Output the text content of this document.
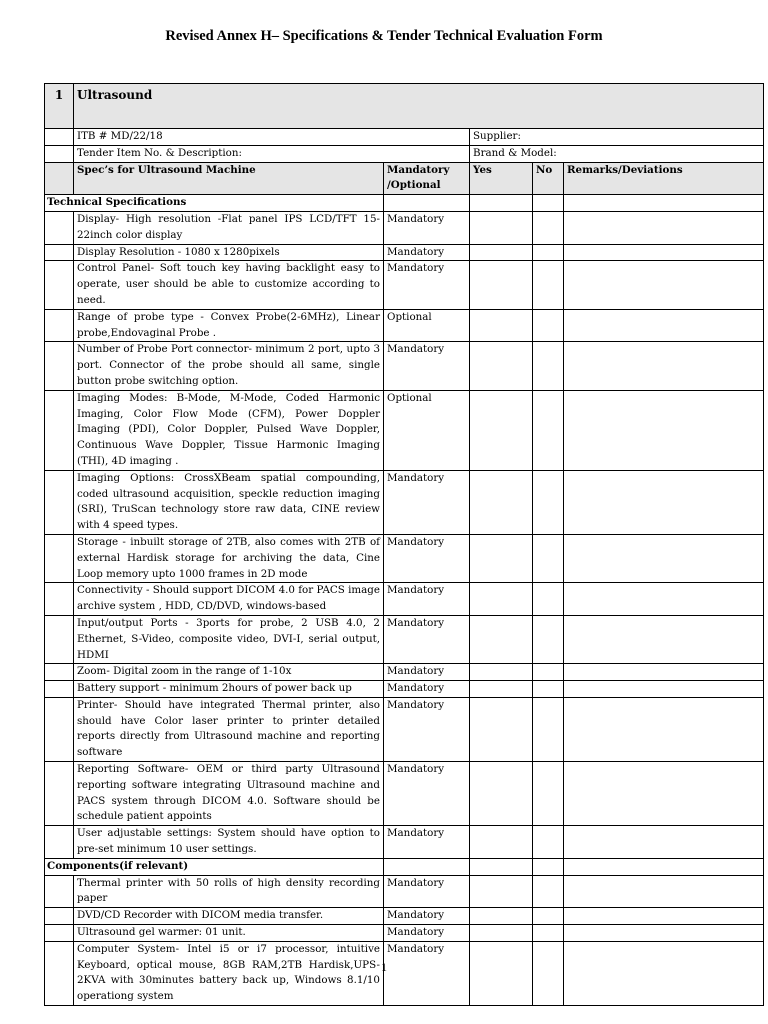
Revised Annex H– Specifications & Tender Technical Evaluation Form
1	Ultrasound				
	ITB # MD/22/18		Supplier:		
	Tender Item No. & Description:		Brand & Model:		
	Spec’s for Ultrasound Machine	Mandatory /Optional	Yes	No	Remarks/Deviations
Technical Specifications					
	Display- High resolution -Flat panel IPS LCD/TFT 15-22inch color display	Mandatory			
	Display Resolution - 1080 x 1280pixels	Mandatory			
	Control Panel- Soft touch key having backlight easy to operate, user should be able to customize according to need.	Mandatory			
	Range of probe type - Convex Probe(2-6MHz), Linear probe,Endovaginal Probe .	Optional			
	Number of Probe Port connector- minimum 2 port, upto 3 port. Connector of the probe should all same, single button probe switching option.	Mandatory			
	Imaging Modes: B-Mode, M-Mode, Coded Harmonic Imaging, Color Flow Mode (CFM), Power Doppler Imaging (PDI), Color Doppler, Pulsed Wave Doppler, Continuous Wave Doppler, Tissue Harmonic Imaging (THI), 4D imaging .	Optional			
	Imaging Options: CrossXBeam spatial compounding, coded ultrasound acquisition, speckle reduction imaging (SRI), TruScan technology store raw data, CINE review with 4 speed types.	Mandatory			
	Storage - inbuilt storage of 2TB, also comes with 2TB of external Hardisk storage for archiving the data, Cine Loop memory upto 1000 frames in 2D mode	Mandatory			
	Connectivity - Should support DICOM 4.0 for PACS image archive system , HDD, CD/DVD, windows-based	Mandatory			
	Input/output Ports - 3ports for probe, 2 USB 4.0, 2 Ethernet, S-Video, composite video, DVI-I, serial output, HDMI	Mandatory			
	Zoom- Digital zoom in the range of 1-10x	Mandatory			
	Battery support - minimum 2hours of power back up	Mandatory			
	Printer- Should have integrated Thermal printer, also should have Color laser printer to printer detailed reports directly from Ultrasound machine and reporting software	Mandatory			
	Reporting Software- OEM or third party Ultrasound reporting software integrating Ultrasound machine and PACS system through DICOM 4.0. Software should be schedule patient appoints	Mandatory			
	User adjustable settings: System should have option to pre-set minimum 10 user settings.	Mandatory			
Components(if relevant)					
	Thermal printer with 50 rolls of high density recording paper	Mandatory			
	DVD/CD Recorder with DICOM media transfer.	Mandatory			
	Ultrasound gel warmer: 01 unit.	Mandatory			
	Computer System- Intel i5 or i7 processor, intuitive Keyboard, optical mouse, 8GB RAM,2TB Hardisk,UPS-2KVA with 30minutes battery back up, Windows 8.1/10 operationg system	Mandatory			
1
